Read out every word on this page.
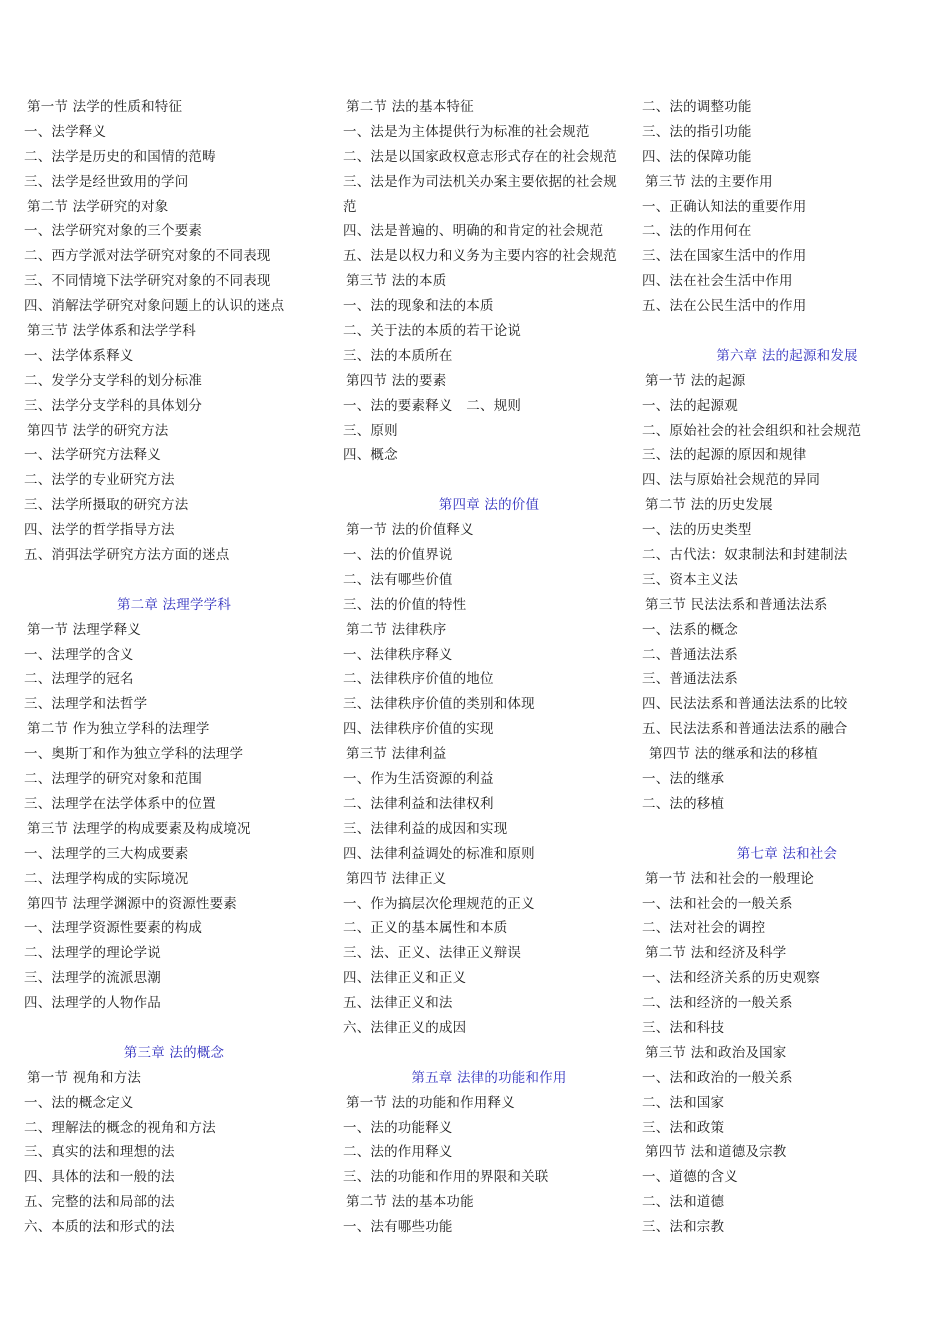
第一节 法学的性质和特征
一、法学释义
二、法学是历史的和国情的范畴
三、法学是经世致用的学问
第二节 法学研究的对象
一、法学研究对象的三个要素
二、西方学派对法学研究对象的不同表现
三、不同情境下法学研究对象的不同表现
四、消解法学研究对象问题上的认识的迷点
第三节 法学体系和法学学科
一、法学体系释义
二、发学分支学科的划分标准
三、法学分支学科的具体划分
第四节 法学的研究方法
一、法学研究方法释义
二、法学的专业研究方法
三、法学所摄取的研究方法
四、法学的哲学指导方法
五、消弭法学研究方法方面的迷点
第二章 法理学学科
第一节 法理学释义
一、法理学的含义
二、法理学的冠名
三、法理学和法哲学
第二节 作为独立学科的法理学
一、奥斯丁和作为独立学科的法理学
二、法理学的研究对象和范围
三、法理学在法学体系中的位置
第三节 法理学的构成要素及构成境况
一、法理学的三大构成要素
二、法理学构成的实际境况
第四节 法理学渊源中的资源性要素
一、法理学资源性要素的构成
二、法理学的理论学说
三、法理学的流派思潮
四、法理学的人物作品
第三章 法的概念
第一节 视角和方法
一、法的概念定义
二、理解法的概念的视角和方法
三、真实的法和理想的法
四、具体的法和一般的法
五、完整的法和局部的法
六、本质的法和形式的法
第二节 法的基本特征
一、法是为主体提供行为标准的社会规范
二、法是以国家政权意志形式存在的社会规范
三、法是作为司法机关办案主要依据的社会规
范
四、法是普遍的、明确的和肯定的社会规范
五、法是以权力和义务为主要内容的社会规范
第三节 法的本质
一、法的现象和法的本质
二、关于法的本质的若干论说
三、法的本质所在
第四节 法的要素
一、法的要素释义　二、规则
三、原则
四、概念
第四章 法的价值
第一节 法的价值释义
一、法的价值界说
二、法有哪些价值
三、法的价值的特性
第二节 法律秩序
一、法律秩序释义
二、法律秩序价值的地位
三、法律秩序价值的类别和体现
四、法律秩序价值的实现
第三节 法律利益
一、作为生活资源的利益
二、法律利益和法律权利
三、法律利益的成因和实现
四、法律利益调处的标准和原则
第四节 法律正义
一、作为搞层次伦理规范的正义
二、正义的基本属性和本质
三、法、正义、法律正义辩误
四、法律正义和正义
五、法律正义和法
六、法律正义的成因
第五章 法律的功能和作用
第一节 法的功能和作用释义
一、法的功能释义
二、法的作用释义
三、法的功能和作用的界限和关联
第二节 法的基本功能
一、法有哪些功能
二、法的调整功能
三、法的指引功能
四、法的保障功能
第三节 法的主要作用
一、正确认知法的重要作用
二、法的作用何在
三、法在国家生活中的作用
四、法在社会生活中作用
五、法在公民生活中的作用
第六章 法的起源和发展
第一节 法的起源
一、法的起源观
二、原始社会的社会组织和社会规范
三、法的起源的原因和规律
四、法与原始社会规范的异同
第二节 法的历史发展
一、法的历史类型
二、古代法：奴隶制法和封建制法
三、资本主义法
第三节 民法法系和普通法法系
一、法系的概念
二、普通法法系
三、普通法法系
四、民法法系和普通法法系的比较
五、民法法系和普通法法系的融合
第四节 法的继承和法的移植
一、法的继承
二、法的移植
第七章 法和社会
第一节 法和社会的一般理论
一、法和社会的一般关系
二、法对社会的调控
第二节 法和经济及科学
一、法和经济关系的历史观察
二、法和经济的一般关系
三、法和科技
第三节 法和政治及国家
一、法和政治的一般关系
二、法和国家
三、法和政策
第四节 法和道德及宗教
一、道德的含义
二、法和道德
三、法和宗教
